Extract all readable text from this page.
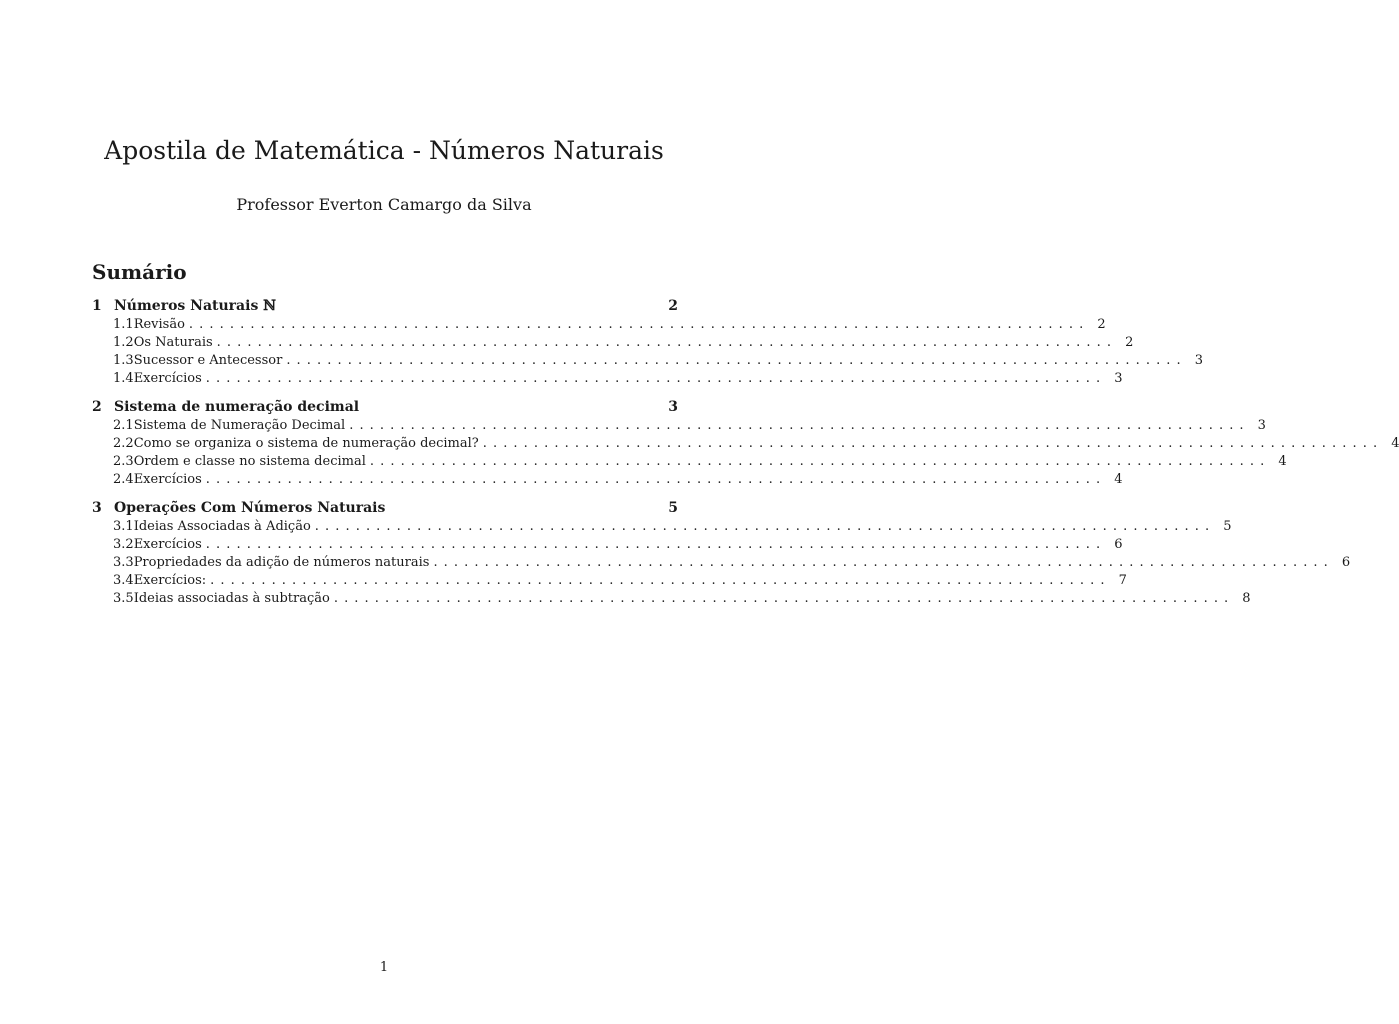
Apostila de Matemática - Números Naturais
Professor Everton Camargo da Silva
Sumário
1 Números Naturais ℕ	2
1.1 Revisão ........................................................................................ 2
1.2 Os Naturais ........................................................................................ 2
1.3 Sucessor e Antecessor ........................................................................................ 3
1.4 Exercícios ........................................................................................ 3
2 Sistema de numeração decimal	3
2.1 Sistema de Numeração Decimal ........................................................................................ 3
2.2 Como se organiza o sistema de numeração decimal? ........................................................................................ 4
2.3 Ordem e classe no sistema decimal ........................................................................................ 4
2.4 Exercícios ........................................................................................ 4
3 Operações Com Números Naturais	5
3.1 Ideias Associadas à Adição ........................................................................................ 5
3.2 Exercícios ........................................................................................ 6
3.3 Propriedades da adição de números naturais ........................................................................................ 6
3.4 Exercícios: ........................................................................................ 7
3.5 Ideias associadas à subtração ........................................................................................ 8
1
